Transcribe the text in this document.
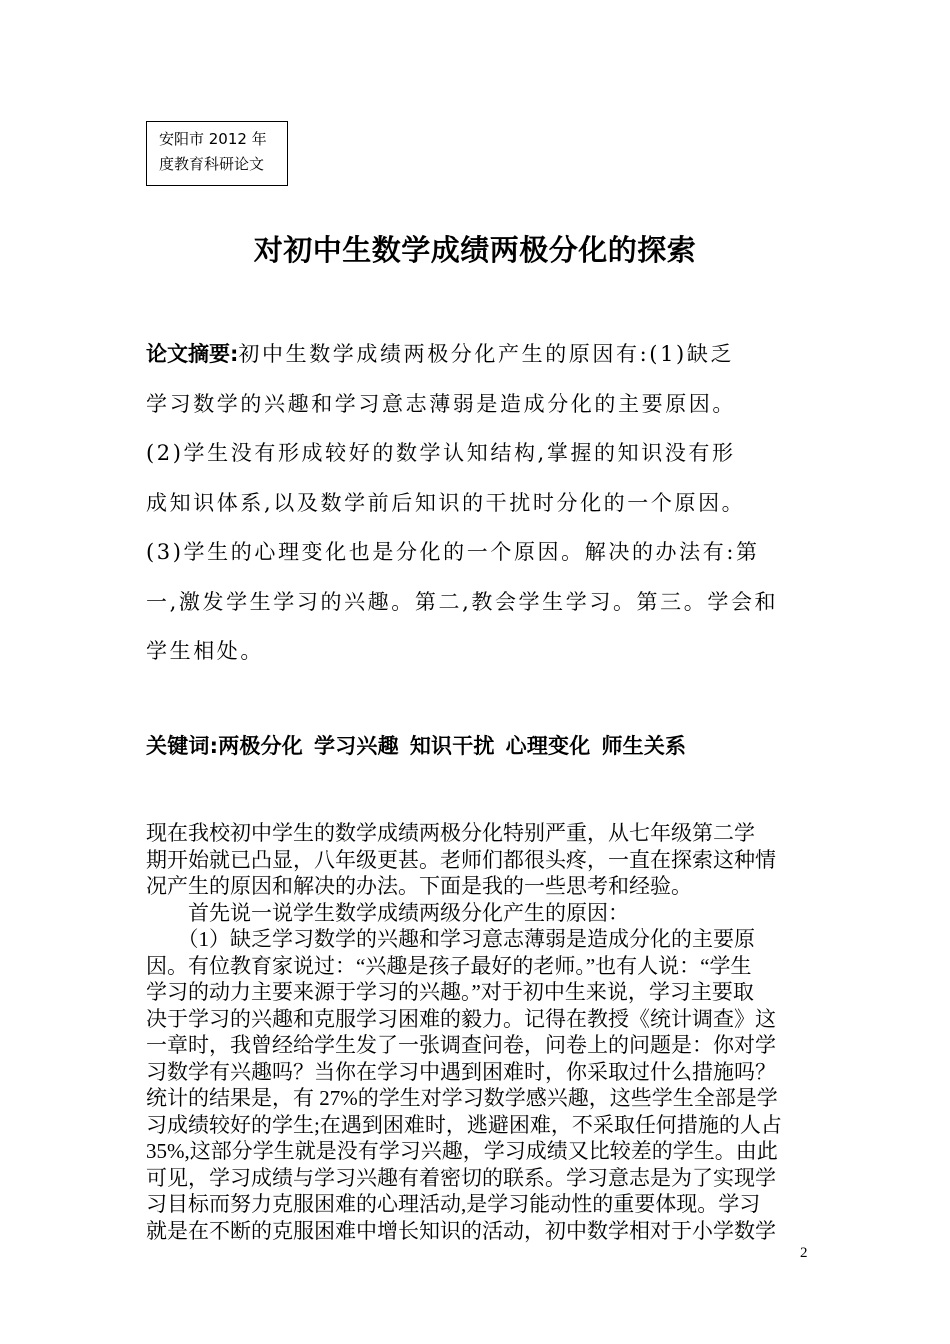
安阳市 2012 年
度教育科研论文
对初中生数学成绩两极分化的探索
论文摘要:初中生数学成绩两极分化产生的原因有:(1)缺乏
学习数学的兴趣和学习意志薄弱是造成分化的主要原因。
(2)学生没有形成较好的数学认知结构,掌握的知识没有形
成知识体系,以及数学前后知识的干扰时分化的一个原因。
(3)学生的心理变化也是分化的一个原因。解决的办法有:第
一,激发学生学习的兴趣。第二,教会学生学习。第三。学会和
学生相处。
关键词:两极分化 学习兴趣 知识干扰 心理变化 师生关系
现在我校初中学生的数学成绩两极分化特别严重，从七年级第二学
期开始就已凸显，八年级更甚。老师们都很头疼，一直在探索这种情
况产生的原因和解决的办法。下面是我的一些思考和经验。
　　首先说一说学生数学成绩两级分化产生的原因：
　　（1）缺乏学习数学的兴趣和学习意志薄弱是造成分化的主要原
因。有位教育家说过：“兴趣是孩子最好的老师。”也有人说：“学生
学习的动力主要来源于学习的兴趣。”对于初中生来说，学习主要取
决于学习的兴趣和克服学习困难的毅力。记得在教授《统计调查》这
一章时，我曾经给学生发了一张调查问卷，问卷上的问题是：你对学
习数学有兴趣吗？当你在学习中遇到困难时，你采取过什么措施吗？
统计的结果是，有 27%的学生对学习数学感兴趣，这些学生全部是学
习成绩较好的学生;在遇到困难时，逃避困难，不采取任何措施的人占
35%,这部分学生就是没有学习兴趣，学习成绩又比较差的学生。由此
可见，学习成绩与学习兴趣有着密切的联系。学习意志是为了实现学
习目标而努力克服困难的心理活动,是学习能动性的重要体现。学习
就是在不断的克服困难中增长知识的活动，初中数学相对于小学数学
2
